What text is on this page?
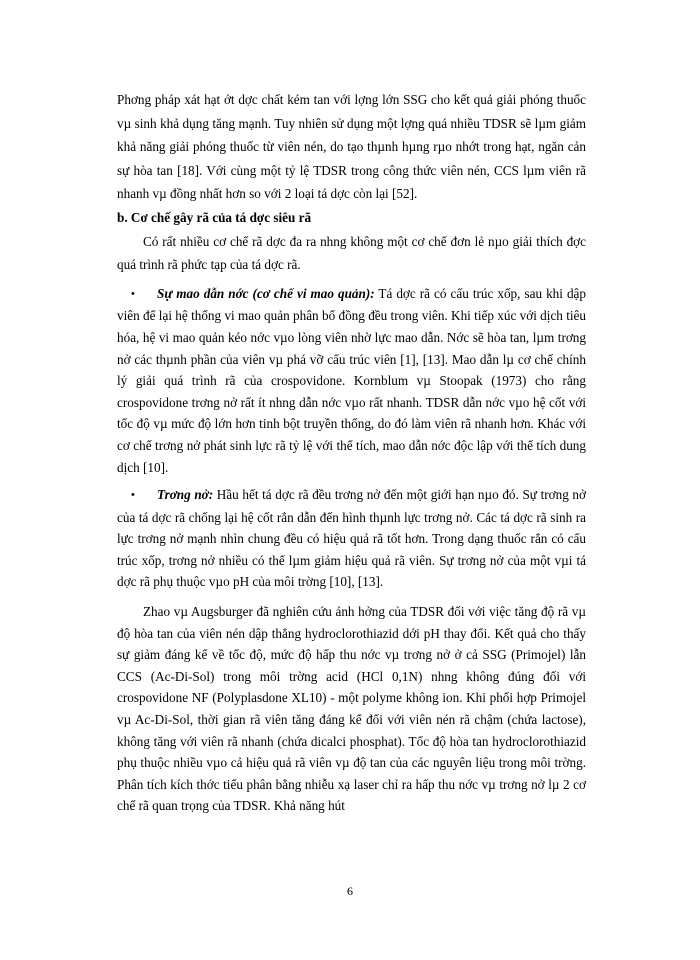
Phơng pháp xát hạt ớt dợc chất kém tan với lợng lớn SSG cho kết quả giải phóng thuốc vµ sinh khả dụng tăng mạnh. Tuy nhiên sử dụng một lợng quá nhiều TDSR sẽ lµm giảm khả năng giải phóng thuốc từ viên nén, do tạo thµnh hµng rµo nhớt trong hạt, ngăn cản sự hòa tan [18]. Với cùng một tỷ lệ TDSR trong công thức viên nén, CCS lµm viên rã nhanh vµ đồng nhất hơn so với 2 loại tá dợc còn lại [52].

b. Cơ chế gây rã của tá dợc siêu rã

Có rất nhiều cơ chế rã dợc đa ra nhng không một cơ chế đơn lẻ nµo giải thích đợc quá trình rã phức tạp của tá dợc rã.

• Sự mao dẫn nớc (cơ chế vi mao quản): Tá dợc rã có cấu trúc xốp, sau khi dập viên để lại hệ thống vi mao quản phân bố đồng đều trong viên. Khi tiếp xúc với dịch tiêu hóa, hệ vi mao quản kéo nớc vµo lòng viên nhờ lực mao dẫn. Nớc sẽ hòa tan, lµm trơng nở các thµnh phần của viên vµ phá vỡ cấu trúc viên [1], [13]. Mao dẫn lµ cơ chế chính lý giải quá trình rã của crospovidone. Kornblum vµ Stoopak (1973) cho rằng crospovidone trơng nở rất ít nhng dẫn nớc vµo rất nhanh. TDSR dẫn nớc vµo hệ cốt với tốc độ vµ mức độ lớn hơn tinh bột truyền thống, do đó làm viên rã nhanh hơn. Khác với cơ chế trơng nở phát sinh lực rã tỷ lệ với thể tích, mao dẫn nớc độc lập với thể tích dung dịch [10].

• Trơng nở: Hầu hết tá dợc rã đều trơng nở đến một giới hạn nµo đó. Sự trơng nở của tá dợc rã chống lại hệ cốt rắn dẫn đến hình thµnh lực trơng nở. Các tá dợc rã sinh ra lực trơng nở mạnh nhìn chung đều có hiệu quả rã tốt hơn. Trong dạng thuốc rắn có cấu trúc xốp, trơng nở nhiều có thể lµm giảm hiệu quả rã viên. Sự trơng nở của một vµi tá dợc rã phụ thuộc vµo pH của môi trờng [10], [13].

Zhao vµ Augsburger đã nghiên cứu ảnh hởng của TDSR đối với việc tăng độ rã vµ độ hòa tan của viên nén dập thẳng hydroclorothiazid dới pH thay đổi. Kết quả cho thấy sự giảm đáng kể về tốc độ, mức độ hấp thu nớc vµ trơng nở ở cả SSG (Primojel) lẫn CCS (Ac-Di-Sol) trong môi trờng acid (HCl 0,1N) nhng không đúng đối với crospovidone NF (Polyplasdone XL10) - một polyme không ion. Khi phối hợp Primojel vµ Ac-Di-Sol, thời gian rã viên tăng đáng kể đối với viên nén rã chậm (chứa lactose), không tăng với viên rã nhanh (chứa dicalci phosphat). Tốc độ hòa tan hydroclorothiazid phụ thuộc nhiều vµo cả hiệu quả rã viên vµ độ tan của các nguyên liệu trong môi trờng. Phân tích kích thớc tiểu phân bằng nhiễu xạ laser chỉ ra hấp thu nớc vµ trơng nở lµ 2 cơ chế rã quan trọng của TDSR. Khả năng hút

6
